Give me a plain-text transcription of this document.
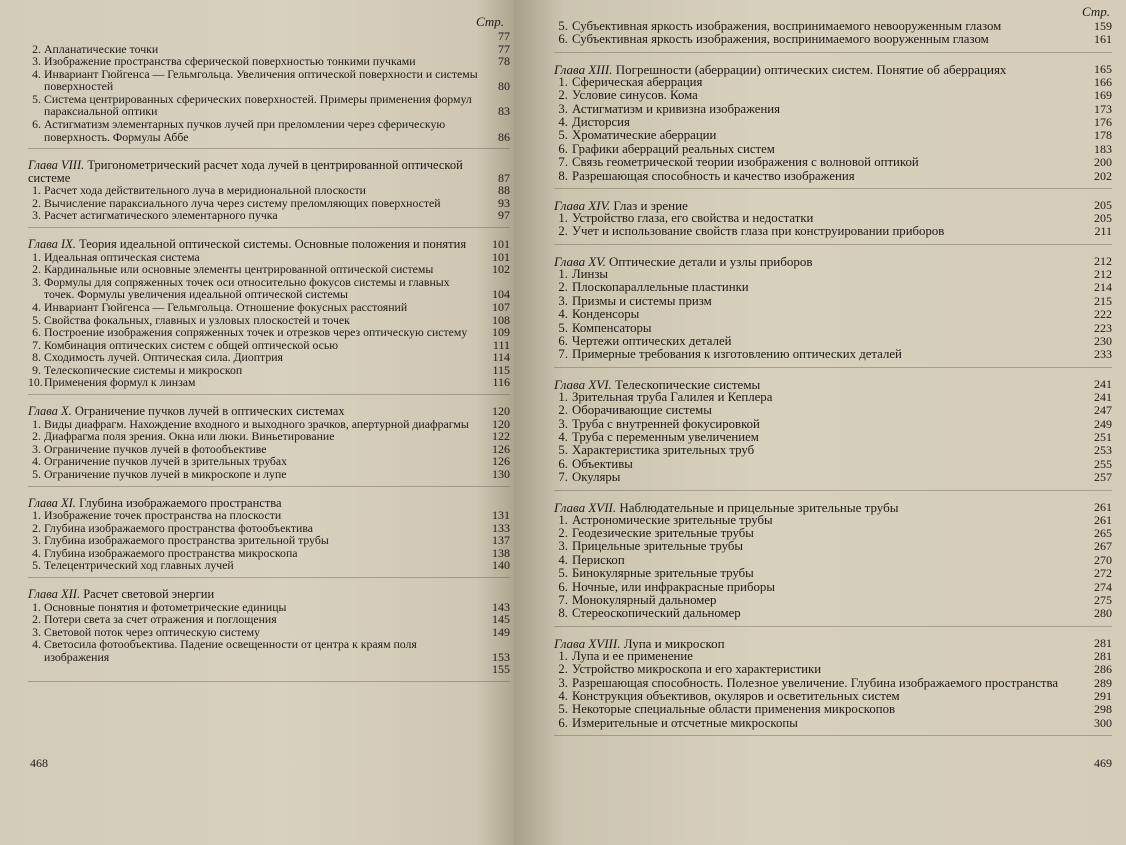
Стр.
77
2. Апланатические точки	77
3. Изображение пространства сферической поверхностью тонкими пучками	78
4. Инвариант Гюйгенса — Гельмгольца. Увеличения оптической поверхности и системы поверхностей	80
5. Система центрированных сферических поверхностей. Примеры применения формул параксиальной оптики	83
6. Астигматизм элементарных пучков лучей при преломлении через сферическую поверхность. Формулы Аббе	86
Глава VIII. Тригонометрический расчет хода лучей в центрированной оптической системе	87
1. Расчет хода действительного луча в меридиональной плоскости	88
2. Вычисление параксиального луча через систему преломляющих поверхностей	93
3. Расчет астигматического элементарного пучка	97
Глава IX. Теория идеальной оптической системы. Основные положения и понятия	101
1. Идеальная оптическая система	101
2. Кардинальные или основные элементы центрированной оптической системы	102
3. Формулы для сопряженных точек оси относительно фокусов системы и главных точек. Формулы увеличения идеальной оптической системы	104
4. Инвариант Гюйгенса — Гельмгольца. Отношение фокусных расстояний	107
5. Свойства фокальных, главных и узловых плоскостей и точек	108
6. Построение изображения сопряженных точек и отрезков через оптическую систему	109
7. Комбинация оптических систем с общей оптической осью	111
8. Сходимость лучей. Оптическая сила. Диоптрия	114
9. Телескопические системы и микроскоп	115
10. Применения формул к линзам	116
Глава X. Ограничение пучков лучей в оптических системах	120
1. Виды диафрагм. Нахождение входного и выходного зрачков, апертурной диафрагмы	120
2. Диафрагма поля зрения. Окна или люки. Виньетирование	122
3. Ограничение пучков лучей в фотообъективе	126
4. Ограничение пучков лучей в зрительных трубах	126
5. Ограничение пучков лучей в микроскопе и лупе	130
Глава XI. Глубина изображаемого пространства
1. Изображение точек пространства на плоскости	131
2. Глубина изображаемого пространства фотообъектива	133
3. Глубина изображаемого пространства зрительной трубы	137
4. Глубина изображаемого пространства микроскопа	138
5. Телецентрический ход главных лучей	140
Глава XII. Расчет световой энергии
1. Основные понятия и фотометрические единицы	143
2. Потери света за счет отражения и поглощения	145
3. Световой поток через оптическую систему	149
4. Светосила фотообъектива. Падение освещенности от центра к краям поля изображения	153
155
468
Стр.
5. Субъективная яркость изображения, воспринимаемого невооруженным глазом	159
6. Субъективная яркость изображения, воспринимаемого вооруженным глазом	161
Глава XIII. Погрешности (аберрации) оптических систем. Понятие об аберрациях	165
1. Сферическая аберрация	166
2. Условие синусов. Кома	169
3. Астигматизм и кривизна изображения	173
4. Дисторсия	176
5. Хроматические аберрации	178
6. Графики аберраций реальных систем	183
7. Связь геометрической теории изображения с волновой оптикой	200
8. Разрешающая способность и качество изображения	202
Глава XIV. Глаз и зрение	205
1. Устройство глаза, его свойства и недостатки	205
2. Учет и использование свойств глаза при конструировании приборов	211
Глава XV. Оптические детали и узлы приборов	212
1. Линзы	212
2. Плоскопараллельные пластинки	214
3. Призмы и системы призм	215
4. Конденсоры	222
5. Компенсаторы	223
6. Чертежи оптических деталей	230
7. Примерные требования к изготовлению оптических деталей	233
Глава XVI. Телескопические системы	241
1. Зрительная труба Галилея и Кеплера	241
2. Оборачивающие системы	247
3. Труба с внутренней фокусировкой	249
4. Труба с переменным увеличением	251
5. Характеристика зрительных труб	253
6. Объективы	255
7. Окуляры	257
Глава XVII. Наблюдательные и прицельные зрительные трубы	261
1. Астрономические зрительные трубы	261
2. Геодезические зрительные трубы	265
3. Прицельные зрительные трубы	267
4. Перископ	270
5. Бинокулярные зрительные трубы	272
6. Ночные, или инфракрасные приборы	274
7. Монокулярный дальномер	275
8. Стереоскопический дальномер	280
Глава XVIII. Лупа и микроскоп	281
1. Лупа и ее применение	281
2. Устройство микроскопа и его характеристики	286
3. Разрешающая способность. Полезное увеличение. Глубина изображаемого пространства	289
4. Конструкция объективов, окуляров и осветительных систем	291
5. Некоторые специальные области применения микроскопов	298
6. Измерительные и отсчетные микроскопы	300
469
